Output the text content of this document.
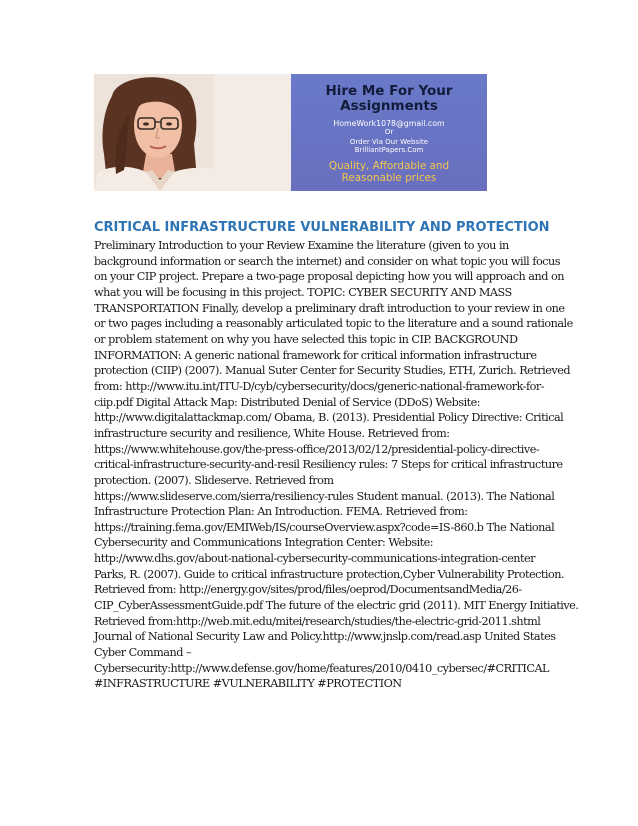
Hire Me For Your Assignments
HomeWork1078@gmail.com
Or
Order Via Our Website
BrilliantPapers.Com
Quality, Affordable and Reasonable prices
CRITICAL INFRASTRUCTURE VULNERABILITY AND PROTECTION
Preliminary Introduction to your Review Examine the literature (given to you in
background information or search the internet) and consider on what topic you will focus
on your CIP project. Prepare a two-page proposal depicting how you will approach and on
what you will be focusing in this project. TOPIC: CYBER SECURITY AND MASS
TRANSPORTATION Finally, develop a preliminary draft introduction to your review in one
or two pages including a reasonably articulated topic to the literature and a sound rationale
or problem statement on why you have selected this topic in CIP. BACKGROUND
INFORMATION: A generic national framework for critical information infrastructure
protection (CIIP) (2007). Manual Suter Center for Security Studies, ETH, Zurich. Retrieved
from: http://www.itu.int/ITU-D/cyb/cybersecurity/docs/generic-national-framework-for-
ciip.pdf Digital Attack Map: Distributed Denial of Service (DDoS) Website:
http://www.digitalattackmap.com/ Obama, B. (2013). Presidential Policy Directive: Critical
infrastructure security and resilience, White House. Retrieved from:
https://www.whitehouse.gov/the-press-office/2013/02/12/presidential-policy-directive-
critical-infrastructure-security-and-resil Resiliency rules: 7 Steps for critical infrastructure
protection. (2007). Slideserve. Retrieved from
https://www.slideserve.com/sierra/resiliency-rules Student manual. (2013). The National
Infrastructure Protection Plan: An Introduction. FEMA. Retrieved from:
https://training.fema.gov/EMIWeb/IS/courseOverview.aspx?code=IS-860.b The National
Cybersecurity and Communications Integration Center: Website:
http://www.dhs.gov/about-national-cybersecurity-communications-integration-center
Parks, R. (2007). Guide to critical infrastructure protection,Cyber Vulnerability Protection.
Retrieved from: http://energy.gov/sites/prod/files/oeprod/DocumentsandMedia/26-
CIP_CyberAssessmentGuide.pdf The future of the electric grid (2011). MIT Energy Initiative.
Retrieved from:http://web.mit.edu/mitei/research/studies/the-electric-grid-2011.shtml
Journal of National Security Law and Policy.http://www.jnslp.com/read.asp United States
Cyber Command –
Cybersecurity:http://www.defense.gov/home/features/2010/0410_cybersec/#CRITICAL
#INFRASTRUCTURE #VULNERABILITY #PROTECTION
